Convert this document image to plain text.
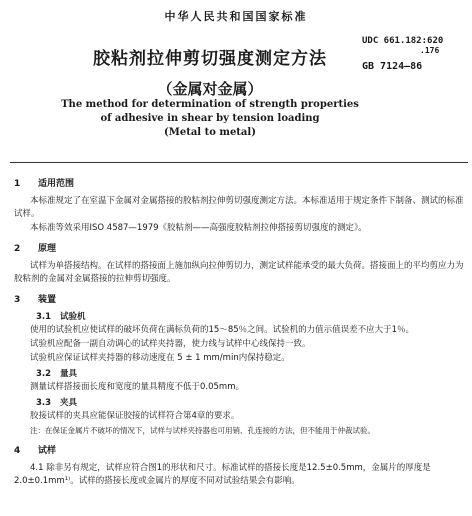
中华人民共和国国家标准
胶粘剂拉伸剪切强度测定方法
（金属对金属）
UDC 661.182:620
.176
GB 7124—86
The method for determination of strength properties
of adhesive in shear by tension loading
(Metal to metal)
1 适用范围
本标准规定了在室温下金属对金属搭接的胶粘剂拉伸剪切强度测定方法。本标准适用于规定条件下制备、测试的标准试样。
本标准等效采用ISO 4587—1979《胶粘剂——高强度胶粘剂拉伸搭接剪切强度的测定》。
2 原理
试样为单搭接结构。在试样的搭接面上施加纵向拉伸剪切力，测定试样能承受的最大负荷。搭接面上的平均剪应力为胶粘剂的金属对金属搭接的拉伸剪切强度。
3 装置
3.1 试验机
使用的试验机应使试样的破坏负荷在满标负荷的15～85％之间。试验机的力值示值误差不应大于1％。
试验机应配备一副自动调心的试样夹持器，使力线与试样中心线保持一致。
试验机应保证试样夹持器的移动速度在 5 ± 1 mm/min内保持稳定。
3.2 量具
测量试样搭接面长度和宽度的量具精度不低于0.05mm。
3.3 夹具
胶接试样的夹具应能保证胶接的试样符合第4章的要求。
注：在保证金属片不破坏的情况下，试样与试样夹持器也可用销、孔连接的方法，但不能用于仲裁试验。
4 试样
4.1 除非另有规定，试样应符合图1的形状和尺寸。标准试样的搭接长度是12.5±0.5mm，金属片的厚度是2.0±0.1mm¹⁾。试样的搭接长度或金属片的厚度不同对试验结果会有影响。
